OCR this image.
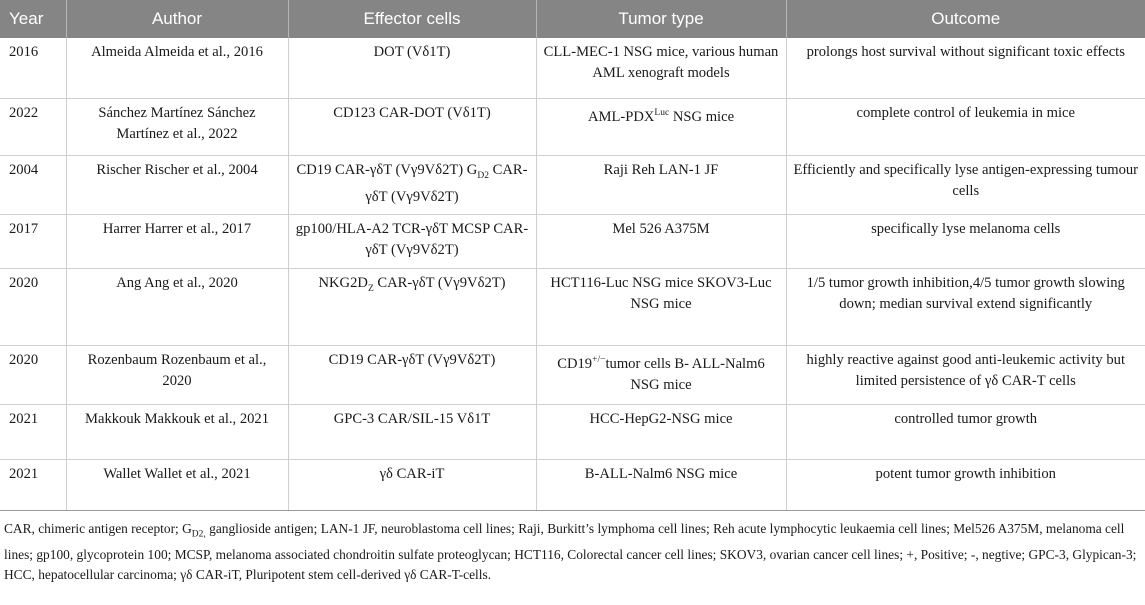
Year	Author	Effector cells	Tumor type	Outcome
2016	Almeida Almeida et al., 2016	DOT (Vδ1T)	CLL-MEC-1 NSG mice, various human AML xenograft models	prolongs host survival without significant toxic effects
2022	Sánchez Martínez Sánchez Martínez et al., 2022	CD123 CAR-DOT (Vδ1T)	AML-$PDX^{Luc}$ NSG mice	complete control of leukemia in mice
2004	Rischer Rischer et al., 2004	CD19 CAR-γδT (Vγ9Vδ2T) $G_{D2}$ CAR-γδT (Vγ9Vδ2T)	Raji Reh LAN-1 JF	Efficiently and specifically lyse antigen-expressing tumour cells
2017	Harrer Harrer et al., 2017	gp100/HLA-A2 TCR-γδT MCSP CAR-γδT (Vγ9Vδ2T)	Mel 526 A375M	specifically lyse melanoma cells
2020	Ang Ang et al., 2020	$NKG2D_Z$ CAR-γδT (Vγ9Vδ2T)	HCT116-Luc NSG mice SKOV3-Luc NSG mice	1/5 tumor growth inhibition,4/5 tumor growth slowing down; median survival extend significantly
2020	Rozenbaum Rozenbaum et al., 2020	CD19 CAR-γδT (Vγ9Vδ2T)	CD19+/−tumor cells B- ALL-Nalm6 NSG mice	highly reactive against good anti-leukemic activity but limited persistence of γδ CAR-T cells
2021	Makkouk Makkouk et al., 2021	GPC-3 CAR/SIL-15 Vδ1T	HCC-HepG2-NSG mice	controlled tumor growth
2021	Wallet Wallet et al., 2021	γδ CAR-iT	B-ALL-Nalm6 NSG mice	potent tumor growth inhibition
CAR, chimeric antigen receptor; $G_{D2,}$ ganglioside antigen; LAN-1 JF, neuroblastoma cell lines; Raji, Burkitt’s lymphoma cell lines; Reh acute lymphocytic leukaemia cell lines; Mel526 A375M, melanoma cell lines; gp100, glycoprotein 100; MCSP, melanoma associated chondroitin sulfate proteoglycan; HCT116, Colorectal cancer cell lines; SKOV3, ovarian cancer cell lines; +, Positive; -, negtive; GPC-3, Glypican-3; HCC, hepatocellular carcinoma; γδ CAR-iT, Pluripotent stem cell-derived γδ CAR-T-cells.
